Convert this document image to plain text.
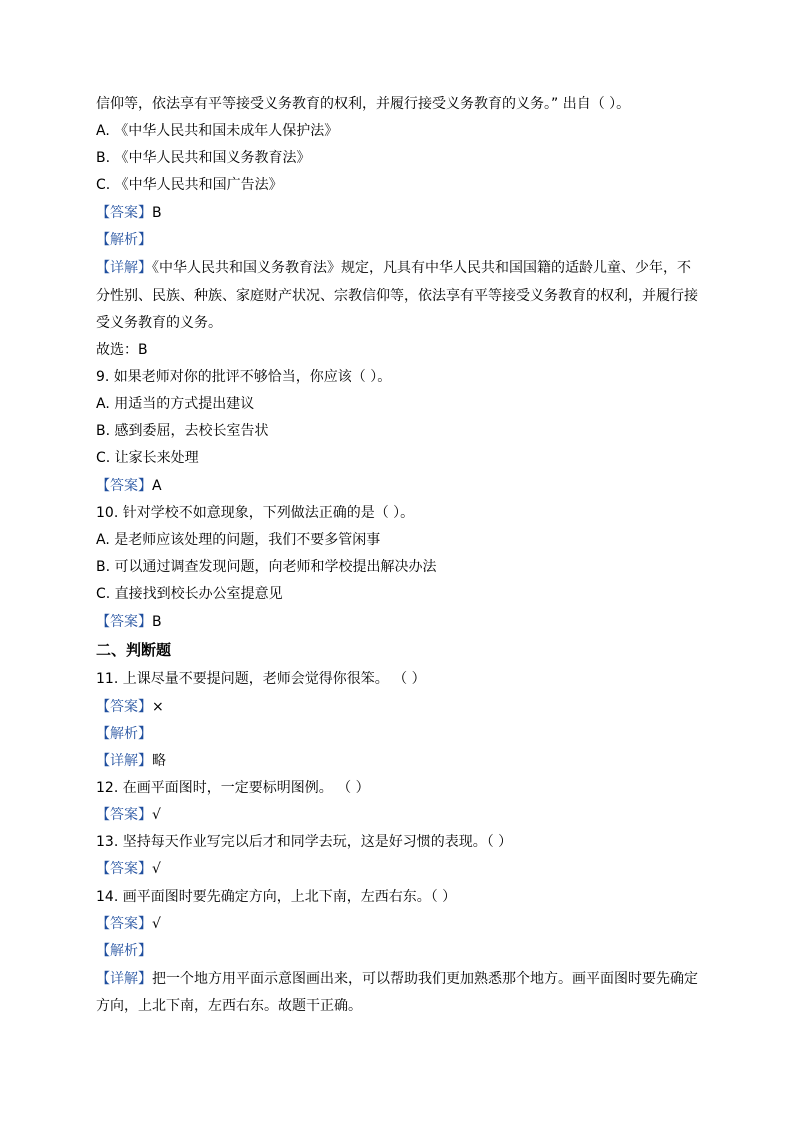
信仰等，依法享有平等接受义务教育的权利，并履行接受义务教育的义务。” 出自（ ）。
A. 《中华人民共和国未成年人保护法》
B. 《中华人民共和国义务教育法》
C. 《中华人民共和国广告法》
【答案】B
【解析】
【详解】《中华人民共和国义务教育法》规定，凡具有中华人民共和国国籍的适龄儿童、少年，不
分性别、民族、种族、家庭财产状况、宗教信仰等，依法享有平等接受义务教育的权利，并履行接
受义务教育的义务。
故选：B
9. 如果老师对你的批评不够恰当，你应该（ ）。
A. 用适当的方式提出建议
B. 感到委屈，去校长室告状
C. 让家长来处理
【答案】A
10. 针对学校不如意现象，下列做法正确的是（ ）。
A. 是老师应该处理的问题，我们不要多管闲事
B. 可以通过调查发现问题，向老师和学校提出解决办法
C. 直接找到校长办公室提意见
【答案】B
二、判断题
11. 上课尽量不要提问题，老师会觉得你很笨。 （ ）
【答案】×
【解析】
【详解】略
12. 在画平面图时，一定要标明图例。 （ ）
【答案】√
13. 坚持每天作业写完以后才和同学去玩，这是好习惯的表现。（ ）
【答案】√
14. 画平面图时要先确定方向，上北下南，左西右东。（ ）
【答案】√
【解析】
【详解】把一个地方用平面示意图画出来，可以帮助我们更加熟悉那个地方。画平面图时要先确定
方向，上北下南，左西右东。故题干正确。
